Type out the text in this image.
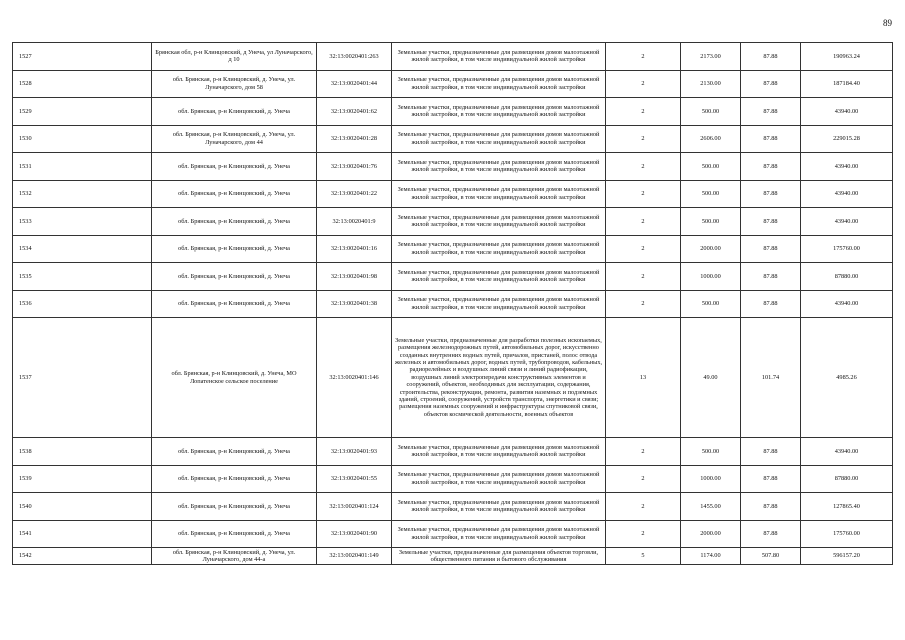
89
1527	Брянская обл, р-н Клинцовский, д Унеча, ул Луначарского, д 10	32:13:0020401:263	Земельные участки, предназначенные для размещения домов малоэтажной жилой застройки, в том числе индивидуальной жилой застройки	2	2173.00	87.88	190963.24
1528	обл. Брянская, р-н Клинцовский, д. Унеча, ул. Луначарского, дом 58	32:13:0020401:44	Земельные участки, предназначенные для размещения домов малоэтажной жилой застройки, в том числе индивидуальной жилой застройки	2	2130.00	87.88	187184.40
1529	обл. Брянская, р-н Клинцовский, д. Унеча	32:13:0020401:62	Земельные участки, предназначенные для размещения домов малоэтажной жилой застройки, в том числе индивидуальной жилой застройки	2	500.00	87.88	43940.00
1530	обл. Брянская, р-н Клинцовский, д. Унеча, ул. Луначарского, дом 44	32:13:0020401:28	Земельные участки, предназначенные для размещения домов малоэтажной жилой застройки, в том числе индивидуальной жилой застройки	2	2606.00	87.88	229015.28
1531	обл. Брянская, р-н Клинцовский, д. Унеча	32:13:0020401:76	Земельные участки, предназначенные для размещения домов малоэтажной жилой застройки, в том числе индивидуальной жилой застройки	2	500.00	87.88	43940.00
1532	обл. Брянская, р-н Клинцовский, д. Унеча	32:13:0020401:22	Земельные участки, предназначенные для размещения домов малоэтажной жилой застройки, в том числе индивидуальной жилой застройки	2	500.00	87.88	43940.00
1533	обл. Брянская, р-н Клинцовский, д. Унеча	32:13:0020401:9	Земельные участки, предназначенные для размещения домов малоэтажной жилой застройки, в том числе индивидуальной жилой застройки	2	500.00	87.88	43940.00
1534	обл. Брянская, р-н Клинцовский, д. Унеча	32:13:0020401:16	Земельные участки, предназначенные для размещения домов малоэтажной жилой застройки, в том числе индивидуальной жилой застройки	2	2000.00	87.88	175760.00
1535	обл. Брянская, р-н Клинцовский, д. Унеча	32:13:0020401:98	Земельные участки, предназначенные для размещения домов малоэтажной жилой застройки, в том числе индивидуальной жилой застройки	2	1000.00	87.88	87880.00
1536	обл. Брянская, р-н Клинцовский, д. Унеча	32:13:0020401:38	Земельные участки, предназначенные для размещения домов малоэтажной жилой застройки, в том числе индивидуальной жилой застройки	2	500.00	87.88	43940.00
1537	обл. Брянская, р-н Клинцовский, д. Унеча, МО Лопатенское сельское поселение	32:13:0020401:146	Земельные участки, предназначенные для разработки полезных ископаемых, размещения железнодорожных путей, автомобильных дорог, искусственно созданных внутренних водных путей, причалов, пристаней, полос отвода железных и автомобильных дорог, водных путей, трубопроводов, кабельных, радиорелейных и воздушных линий связи и линий радиофикации, воздушных линий электропередачи конструктивных элементов и сооружений, объектов, необходимых для эксплуатации, содержания, строительства, реконструкции, ремонта, развития наземных и подземных зданий, строений, сооружений, устройств транспорта, энергетики и связи; размещения наземных сооружений и инфраструктуры спутниковой связи, объектов космической деятельности, военных объектов	13	49.00	101.74	4985.26
1538	обл. Брянская, р-н Клинцовский, д. Унеча	32:13:0020401:93	Земельные участки, предназначенные для размещения домов малоэтажной жилой застройки, в том числе индивидуальной жилой застройки	2	500.00	87.88	43940.00
1539	обл. Брянская, р-н Клинцовский, д. Унеча	32:13:0020401:55	Земельные участки, предназначенные для размещения домов малоэтажной жилой застройки, в том числе индивидуальной жилой застройки	2	1000.00	87.88	87880.00
1540	обл. Брянская, р-н Клинцовский, д. Унеча	32:13:0020401:124	Земельные участки, предназначенные для размещения домов малоэтажной жилой застройки, в том числе индивидуальной жилой застройки	2	1455.00	87.88	127865.40
1541	обл. Брянская, р-н Клинцовский, д. Унеча	32:13:0020401:90	Земельные участки, предназначенные для размещения домов малоэтажной жилой застройки, в том числе индивидуальной жилой застройки	2	2000.00	87.88	175760.00
1542	обл. Брянская, р-н Клинцовский, д. Унеча, ул. Луначарского, дом 44-а	32:13:0020401:149	Земельные участки, предназначенные для размещения объектов торговли, общественного питания и бытового обслуживания	5	1174.00	507.80	596157.20
